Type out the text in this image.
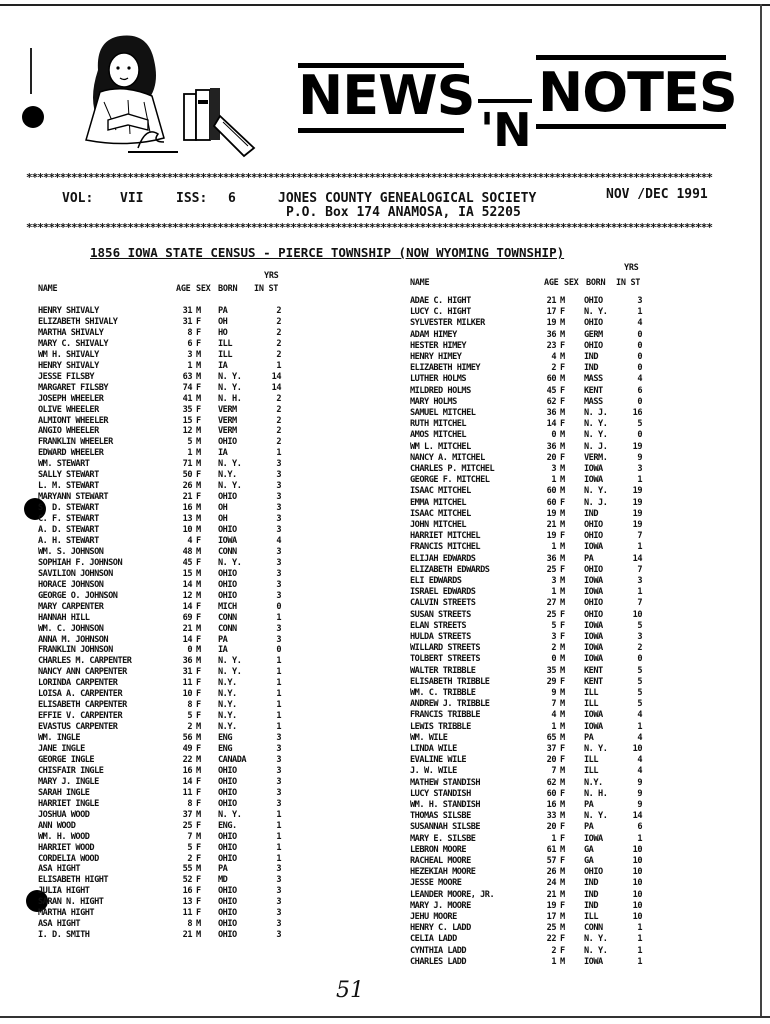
NEWS
'N
NOTES
**************************************************************************************************************************
VOL: VII	ISS: 6	JONES COUNTY GENEALOGICAL SOCIETY	NOV /DEC 1991
P.O. Box 174 ANAMOSA, IA 52205
**************************************************************************************************************************
1856 IOWA STATE CENSUS - PIERCE TOWNSHIP (NOW WYOMING TOWNSHIP)
YRS
NAME	AGE SEX BORN IN ST
HENRY SHIVALY	31 M PA	2
ELIZABETH SHIVALY	31 F OH	2
MARTHA SHIVALY	8 F HO	2
MARY C. SHIVALY	6 F ILL	2
WM H. SHIVALY	3 M ILL	2
HENRY SHIVALY	1 M IA	1
JESSE FILSBY	63 M N. Y.	14
MARGARET FILSBY	74 F N. Y.	14
JOSEPH WHEELER	41 M N. H.	2
OLIVE WHEELER	35 F VERM	2
ALMIONT WHEELER	15 F VERM	2
ANGIO WHEELER	12 M VERM	2
FRANKLIN WHEELER	5 M OHIO	2
EDWARD WHEELER	1 M IA	1
WM. STEWART	71 M N. Y.	3
SALLY STEWART	50 F N.Y.	3
L. M. STEWART	26 M N. Y.	3
MARYANN STEWART	21 F OHIO	3
S. D. STEWART	16 M OH	3
C. F. STEWART	13 M OH	3
A. D. STEWART	10 M OHIO	3
A. H. STEWART	4 F IOWA	4
WM. S. JOHNSON	48 M CONN	3
SOPHIAH F. JOHNSON	45 F N. Y.	3
SAVILION JOHNSON	15 M OHIO	3
HORACE JOHNSON	14 M OHIO	3
GEORGE O. JOHNSON	12 M OHIO	3
MARY CARPENTER	14 F MICH	0
HANNAH HILL	69 F CONN	1
WM. C. JOHNSON	21 M CONN	3
ANNA M. JOHNSON	14 F PA	3
FRANKLIN JOHNSON	0 M IA	0
CHARLES M. CARPENTER	36 M N. Y.	1
NANCY ANN CARPENTER	31 F N. Y.	1
LORINDA CARPENTER	11 F N.Y.	1
LOISA A. CARPENTER	10 F N.Y.	1
ELISABETH CARPENTER	8 F N.Y.	1
EFFIE V. CARPENTER	5 F N.Y.	1
EVASTUS CARPENTER	2 M N.Y.	1
WM. INGLE	56 M ENG	3
JANE INGLE	49 F ENG	3
GEORGE INGLE	22 M CANADA	3
CHISFAIR INGLE	16 M OHIO	3
MARY J. INGLE	14 F OHIO	3
SARAH INGLE	11 F OHIO	3
HARRIET INGLE	8 F OHIO	3
JOSHUA WOOD	37 M N. Y.	1
ANN WOOD	25 F ENG.	1
WM. H. WOOD	7 M OHIO	1
HARRIET WOOD	5 F OHIO	1
CORDELIA WOOD	2 F OHIO	1
ASA HIGHT	55 M PA	3
ELISABETH HIGHT	52 F MD	3
JULIA HIGHT	16 F OHIO	3
SARAN N. HIGHT	13 F OHIO	3
MARTHA HIGHT	11 F OHIO	3
ASA HIGHT	8 M OHIO	3
I. D. SMITH	21 M OHIO	3
YRS
NAME	AGE SEX BORN IN ST
ADAE C. HIGHT	21 M OHIO	3
LUCY C. HIGHT	17 F N. Y.	1
SYLVESTER MILKER	19 M OHIO	4
ADAM HIMEY	36 M GERM	0
HESTER HIMEY	23 F OHIO	0
HENRY HIMEY	4 M IND	0
ELIZABETH HIMEY	2 F IND	0
LUTHER HOLMS	60 M MASS	4
MILDRED HOLMS	45 F KENT	6
MARY HOLMS	62 F MASS	0
SAMUEL MITCHEL	36 M N. J.	16
RUTH MITCHEL	14 F N. Y.	5
AMOS MITCHEL	0 M N. Y.	0
WM L. MITCHEL	36 M N. J.	19
NANCY A. MITCHEL	20 F VERM.	9
CHARLES P. MITCHEL	3 M IOWA	3
GEORGE F. MITCHEL	1 M IOWA	1
ISAAC MITCHEL	60 M N. Y.	19
EMMA MITCHEL	60 F N. J.	19
ISAAC MITCHEL	19 M IND	19
JOHN MITCHEL	21 M OHIO	19
HARRIET MITCHEL	19 F OHIO	7
FRANCIS MITCHEL	1 M IOWA	1
ELIJAH EDWARDS	36 M PA	14
ELIZABETH EDWARDS	25 F OHIO	7
ELI EDWARDS	3 M IOWA	3
ISRAEL EDWARDS	1 M IOWA	1
CALVIN STREETS	27 M OHIO	7
SUSAN STREETS	25 F OHIO	10
ELAN STREETS	5 F IOWA	5
HULDA STREETS	3 F IOWA	3
WILLARD STREETS	2 M IOWA	2
TOLBERT STREETS	0 M IOWA	0
WALTER TRIBBLE	35 M KENT	5
ELISABETH TRIBBLE	29 F KENT	5
WM. C. TRIBBLE	9 M ILL	5
ANDREW J. TRIBBLE	7 M ILL	5
FRANCIS TRIBBLE	4 M IOWA	4
LEWIS TRIBBLE	1 M IOWA	1
WM. WILE	65 M PA	4
LINDA WILE	37 F N. Y.	10
EVALINE WILE	20 F ILL	4
J. W. WILE	7 M ILL	4
MATHEW STANDISH	62 M N.Y.	9
LUCY STANDISH	60 F N. H.	9
WM. H. STANDISH	16 M PA	9
THOMAS SILSBE	33 M N. Y.	14
SUSANNAH SILSBE	20 F PA	6
MARY E. SILSBE	1 F IOWA	1
LEBRON MOORE	61 M GA	10
RACHEAL MOORE	57 F GA	10
HEZEKIAH MOORE	26 M OHIO	10
JESSE MOORE	24 M IND	10
LEANDER MOORE, JR.	21 M IND	10
MARY J. MOORE	19 F IND	10
JEHU MOORE	17 M ILL	10
HENRY C. LADD	25 M CONN	1
CELIA LADD	22 F N. Y.	1
CYNTHIA LADD	2 F N. Y.	1
CHARLES LADD	1 M IOWA	1
51
